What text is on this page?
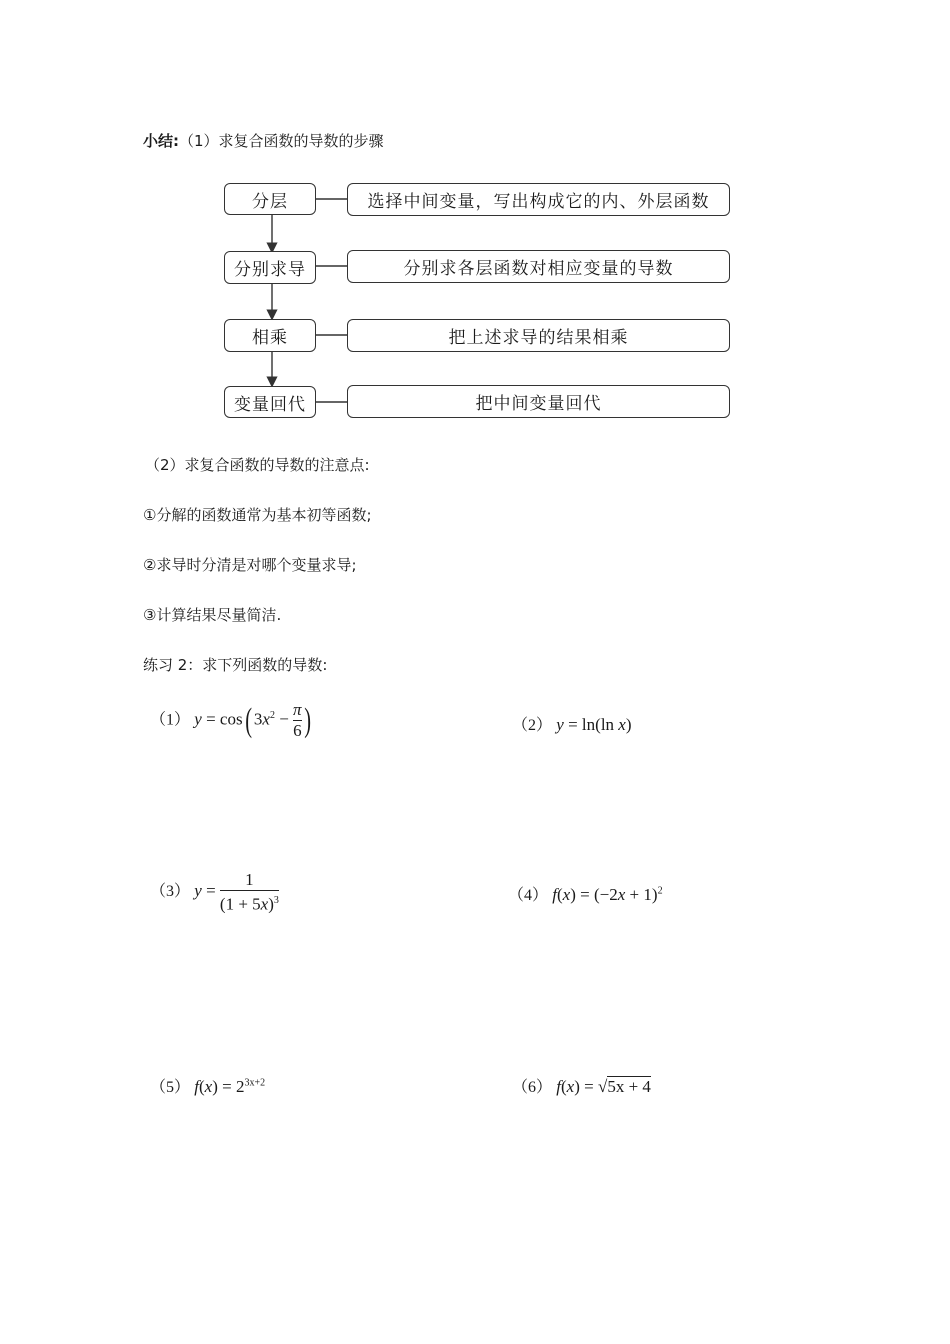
小结:（1）求复合函数的导数的步骤
分层	选择中间变量，写出构成它的内、外层函数
分别求导	分别求各层函数对相应变量的导数
相乘	把上述求导的结果相乘
变量回代	把中间变量回代
（2）求复合函数的导数的注意点:
①分解的函数通常为基本初等函数;
②求导时分清是对哪个变量求导;
③计算结果尽量简洁.
练习 2：求下列函数的导数:
（1） y = cos( $3x^2 - \frac{\pi}{6}$ )	（2） y = ln(ln x)
（3） $y = \frac{1}{(1 + 5x)^3}$	（4） $f(x) = (-2x + 1)^2$
（5） $f(x) = 2^{3x+2}$	（6） f(x) = √5x + 4
